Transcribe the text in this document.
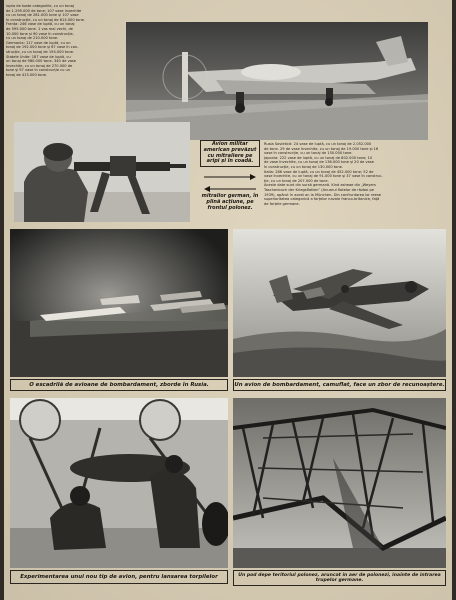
lupta de toate categoriile, cu un tonaj
de 1.295.000 de tone; 107 vase invechite
cu un tonaj de 281.000 tone și 107 vase
în construcție, cu un tonaj de 614.000 tone.
Franța: 246 vase de luptă, cu un tonaj
de 595.000 tone. 1 vas mai vechi, de
10.000 tone și 90 vase în construcție,
cu un tonaj de 210.000 tone.
Germania: 117 vase de luptă, cu un
tonaj de 192.000 tone și 67 vase în con-
strucție, cu un tonaj de 194.000 tone.
Statele Unite: 187 vase de luptă, cu
un tonaj de 980.000 tone. 340 de vase
învechite, cu un tonaj de 270.000 de
tone și 97 vase în construcție cu un
tonaj de 413.000 tone.
Avion militar american prevăzut cu mitraliere pe aripi și în coadă.
mitralior german, în plină acțiune, pe frontul polonez.
Rusia Sovietică: 24 vase de luptă, cu un tonaj de 2.052.000
de tone. 29 de vase învechite, cu un tonaj de 19.000 tone și 16
vase în construcție, cu un tonaj de 150.000 tone.
Japonia: 222 vase de luptă, cu un tonaj de 802.000 tone; 10
de vase învechite, cu un tonaj de 136.000 tone și 20 de vase
în construcție, cu un tonaj de 130.000 tone.
Italia: 286 vase de luptă, cu un tonaj de 452.000 tone; 52 de
vase învechite, cu un tonaj de 91.000 tone și 37 vase în construc-
ție, cu un tonaj de 207.000 de tone.
Aceste date sunt din sursă germană. Kind asheae din „Weyers
Taschenbuch der Kriegsflotten” (Anuarul flotelor de război pe
1939), apărut în acest an la München. Din confruntarea lor reese
superioritatea categorică a forțelor navale franco-britanice, față
de forțele germane.
O escadrilă de avioane de bombardament, zborde în Rusia.	Un avion de bombardament, camuflat, face un zbor de recunoaștere.
Experimentarea unui nou tip de avion, pentru lansarea torpilelor	Un pod depe teritoriul polonez, aruncat în aer de polonezi, înainte de intrarea trupelor germane.
